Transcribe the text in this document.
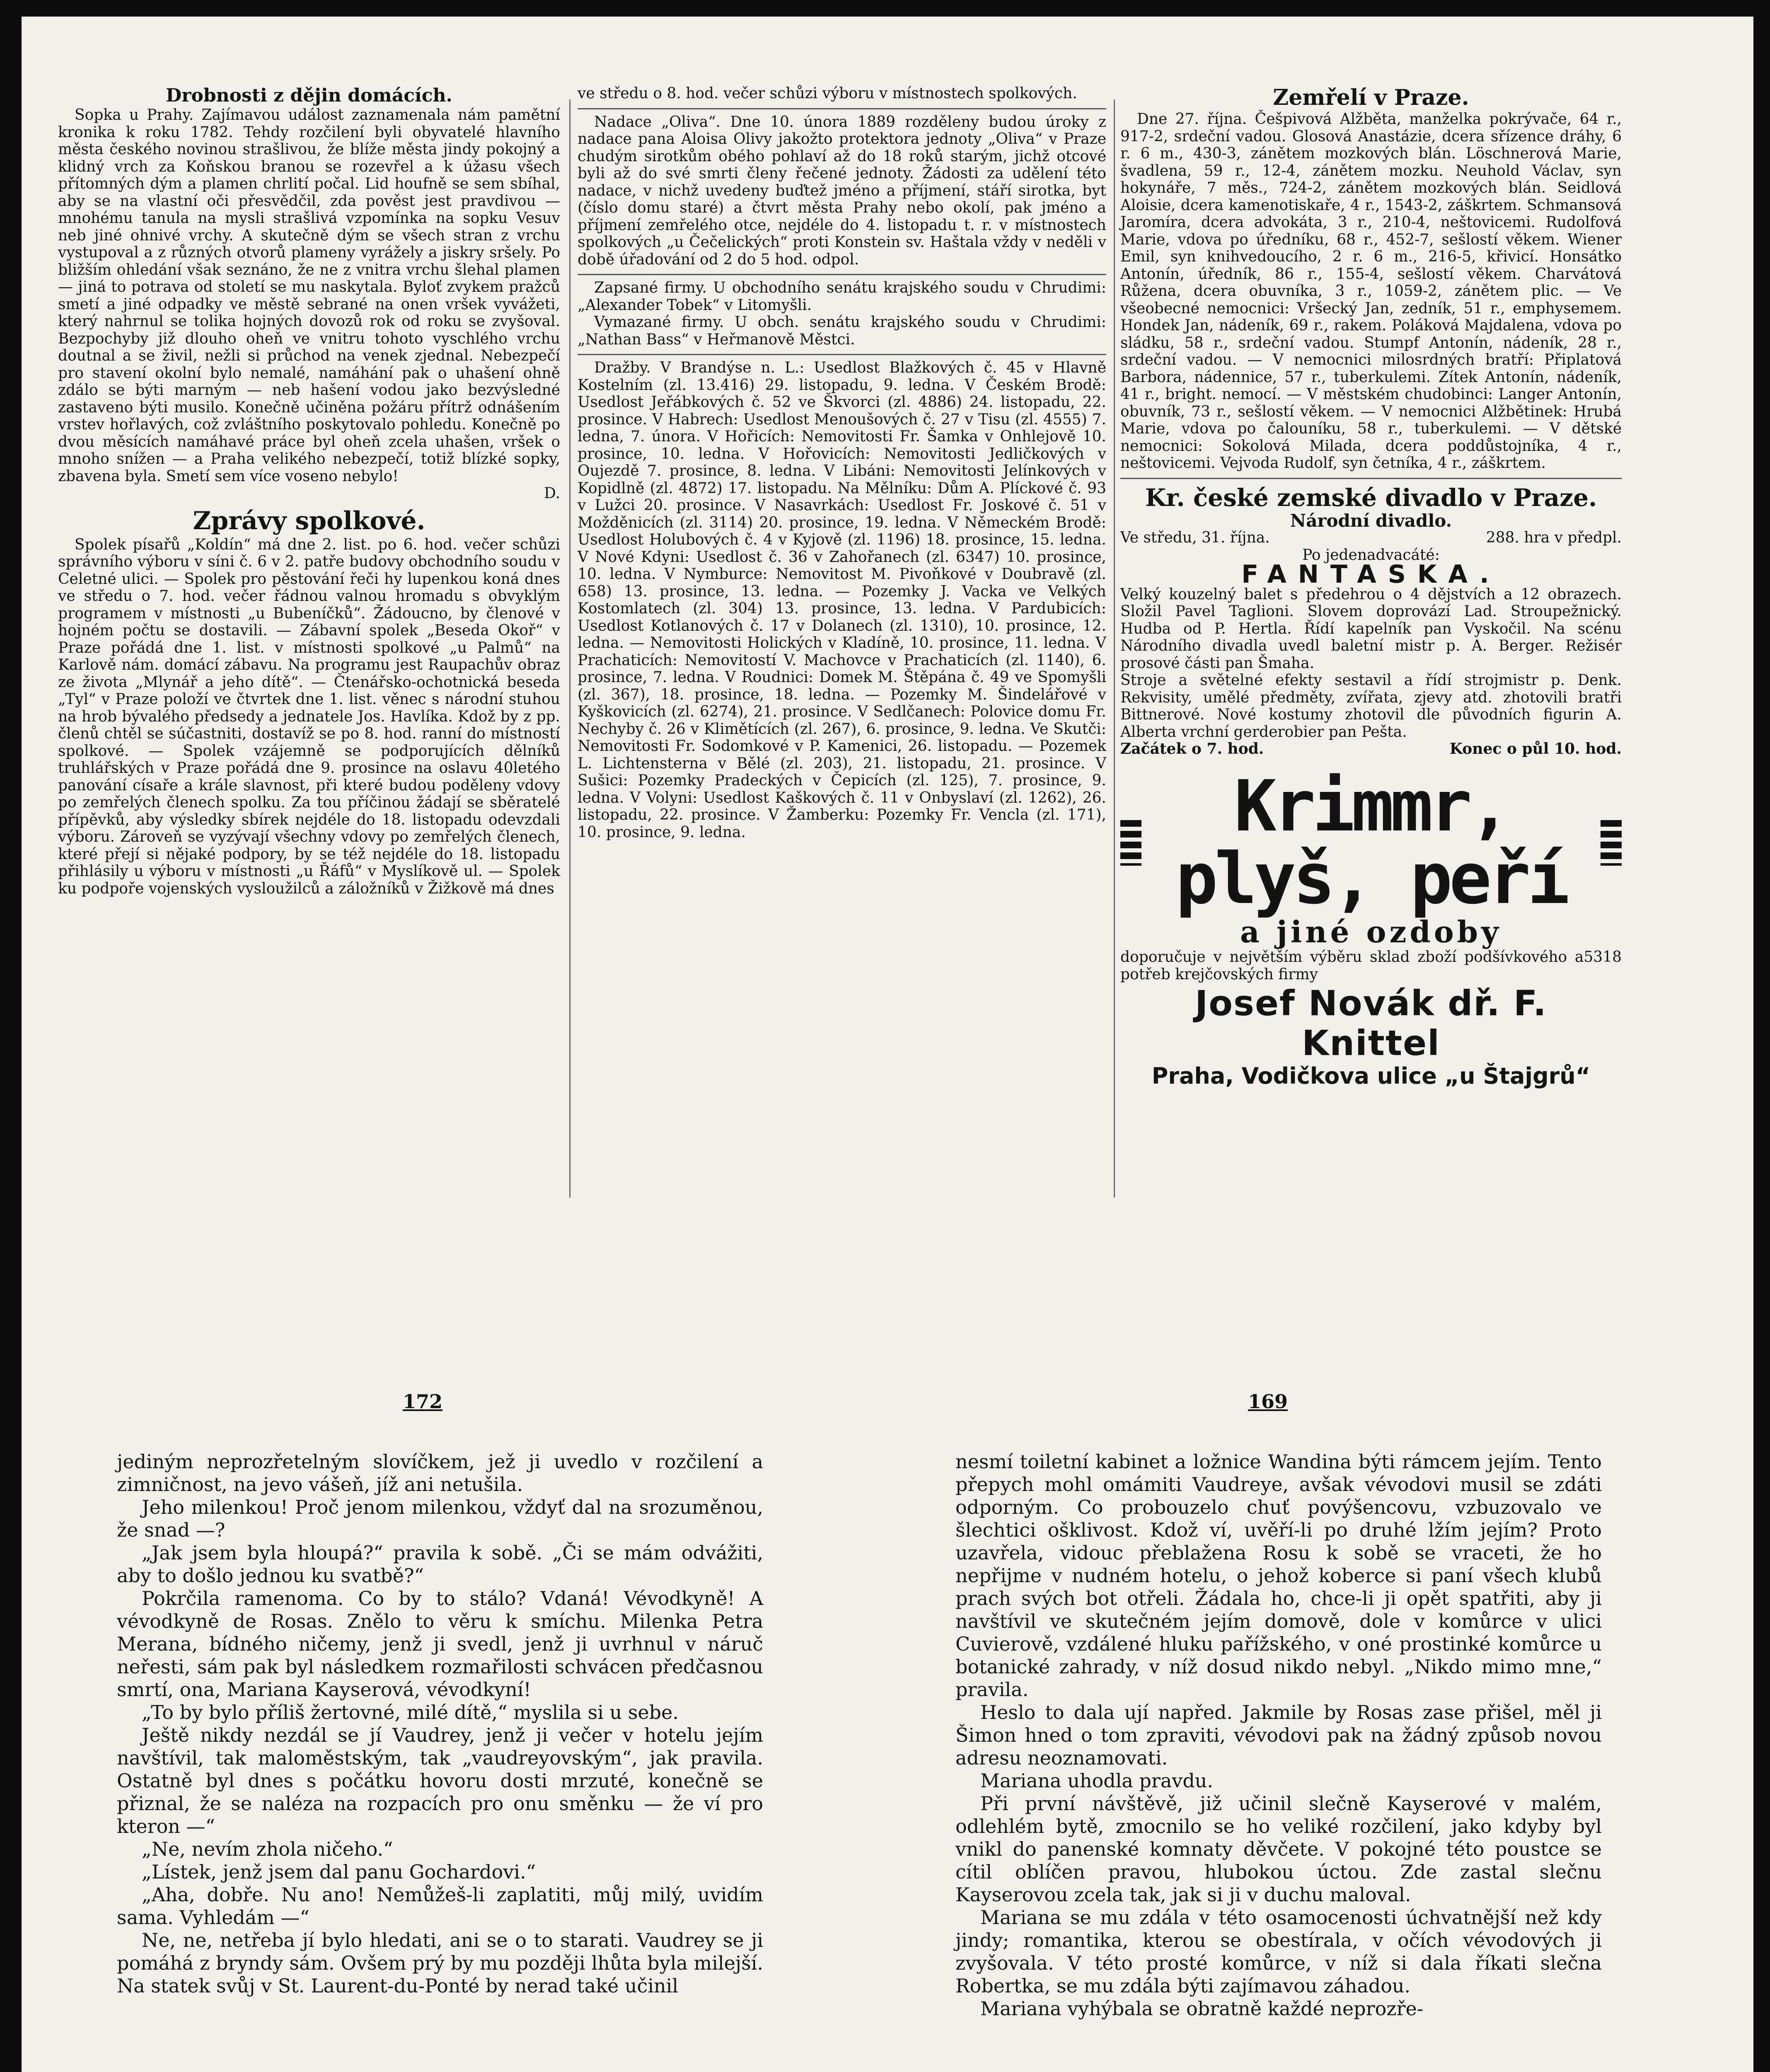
Drobnosti z dějin domácích.

Sopka u Prahy. Zajímavou událost zaznamenala nám pamětní kronika k roku 1782. Tehdy rozčilení byli obyvatelé hlavního města českého novinou strašlivou, že blíže města jindy pokojný a klidný vrch za Koňskou branou se rozevřel a k úžasu všech přítomných dým a plamen chrlití počal. Lid houfně se sem sbíhal, aby se na vlastní oči přesvědčil, zda pověst jest pravdivou — mnohému tanula na mysli strašlivá vzpomínka na sopku Vesuv neb jiné ohnivé vrchy. A skutečně dým se všech stran z vrchu vystupoval a z různých otvorů plameny vyrážely a jiskry sršely. Po bližším ohledání však seznáno, že ne z vnitra vrchu šlehal plamen — jiná to potrava od století se mu naskytala. Byloť zvykem pražců smetí a jiné odpadky ve městě sebrané na onen vršek vyvážeti, který nahrnul se tolika hojných dovozů rok od roku se zvyšoval. Bezpochyby již dlouho oheň ve vnitru tohoto vyschlého vrchu doutnal a se živil, nežli si průchod na venek zjednal. Nebezpečí pro stavení okolní bylo nemalé, namáhání pak o uhašení ohně zdálo se býti marným — neb hašení vodou jako bezvýsledné zastaveno býti musilo. Konečně učiněna požáru přítrž odnášením vrstev hořlavých, což zvláštního poskytovalo pohledu. Konečně po dvou měsících namáhavé práce byl oheň zcela uhašen, vršek o mnoho snížen — a Praha velikého nebezpečí, totiž blízké sopky, zbavena byla. Smetí sem více voseno nebylo!

D.
Zprávy spolkové.

Spolek písařů „Koldín“ má dne 2. list. po 6. hod. večer schůzi správního výboru v síni č. 6 v 2. patře budovy obchodního soudu v Celetné ulici. — Spolek pro pěstování řeči hy lupenkou koná dnes ve středu o 7. hod. večer řádnou valnou hromadu s obvyklým programem v místnosti „u Bubeníčků“. Žádoucno, by členové v hojném počtu se dostavili. — Zábavní spolek „Beseda Okoř“ v Praze pořádá dne 1. list. v místnosti spolkové „u Palmů“ na Karlově nám. domácí zábavu. Na programu jest Raupachův obraz ze života „Mlynář a jeho dítě“. — Čtenářsko-ochotnická beseda „Tyl“ v Praze položí ve čtvrtek dne 1. list. věnec s národní stuhou na hrob bývalého předsedy a jednatele Jos. Havlíka. Kdož by z pp. členů chtěl se súčastniti, dostavíž se po 8. hod. ranní do místností spolkové. — Spolek vzájemně se podporujících dělníků truhlářských v Praze pořádá dne 9. prosince na oslavu 40letého panování císaře a krále slavnost, při které budou poděleny vdovy po zemřelých členech spolku. Za tou příčinou žádají se sběratelé přípěvků, aby výsledky sbírek nejdéle do 18. listopadu odevzdali výboru. Zároveň se vyzývají všechny vdovy po zemřelých členech, které přejí si nějaké podpory, by se též nejdéle do 18. listopadu přihlásily u výboru v místnosti „u Řáfů“ v Myslíkově ul. — Spolek ku podpoře vojenských vysloužilců a záložníků v Žižkově má dnes

ve středu o 8. hod. večer schůzi výboru v místnostech spolkových.

Nadace „Oliva“. Dne 10. února 1889 rozděleny budou úroky z nadace pana Aloisa Olivy jakožto protektora jednoty „Oliva“ v Praze chudým sirotkům obého pohlaví až do 18 roků starým, jichž otcové byli až do své smrti členy řečené jednoty. Žádosti za udělení této nadace, v nichž uvedeny buďtež jméno a příjmení, stáří sirotka, byt (číslo domu staré) a čtvrt města Prahy nebo okolí, pak jméno a příjmení zemřelého otce, nejdéle do 4. listopadu t. r. v místnostech spolkových „u Čečelických“ proti Konstein sv. Haštala vždy v neděli v době úřadování od 2 do 5 hod. odpol.

Zapsané firmy. U obchodního senátu krajského soudu v Chrudimi: „Alexander Tobek“ v Litomyšli.

Vymazané firmy. U obch. senátu krajského soudu v Chrudimi: „Nathan Bass“ v Heřmanově Městci.

Dražby. V Brandýse n. L.: Usedlost Blažkových č. 45 v Hlavně Kostelním (zl. 13.416) 29. listopadu, 9. ledna. V Českém Brodě: Usedlost Jeřábkových č. 52 ve Škvorci (zl. 4886) 24. listopadu, 22. prosince. V Habrech: Usedlost Menoušových č. 27 v Tisu (zl. 4555) 7. ledna, 7. února. V Hořicích: Nemovitosti Fr. Šamka v Onhlejově 10. prosince, 10. ledna. V Hořovicích: Nemovitosti Jedličkových v Oujezdě 7. prosince, 8. ledna. V Libáni: Nemovitosti Jelínkových v Kopidlně (zl. 4872) 17. listopadu. Na Mělníku: Dům A. Plíckové č. 93 v Lužci 20. prosince. V Nasavrkách: Usedlost Fr. Joskové č. 51 v Možděnicích (zl. 3114) 20. prosince, 19. ledna. V Německém Brodě: Usedlost Holubových č. 4 v Kyjově (zl. 1196) 18. prosince, 15. ledna. V Nové Kdyni: Usedlost č. 36 v Zahořanech (zl. 6347) 10. prosince, 10. ledna. V Nymburce: Nemovitost M. Pivoňkové v Doubravě (zl. 658) 13. prosince, 13. ledna. — Pozemky J. Vacka ve Velkých Kostomlatech (zl. 304) 13. prosince, 13. ledna. V Pardubicích: Usedlost Kotlanových č. 17 v Dolanech (zl. 1310), 10. prosince, 12. ledna. — Nemovitosti Holických v Kladíně, 10. prosince, 11. ledna. V Prachaticích: Nemovitostí V. Machovce v Prachaticích (zl. 1140), 6. prosince, 7. ledna. V Roudnici: Domek M. Štěpána č. 49 ve Spomyšli (zl. 367), 18. prosince, 18. ledna. — Pozemky M. Šindelářové v Kyškovicích (zl. 6274), 21. prosince. V Sedlčanech: Polovice domu Fr. Nechyby č. 26 v Klimětících (zl. 267), 6. prosince, 9. ledna. Ve Skutči: Nemovitosti Fr. Sodomkové v P. Kamenici, 26. listopadu. — Pozemek L. Lichtensterna v Bělé (zl. 203), 21. listopadu, 21. prosince. V Sušici: Pozemky Pradeckých v Čepicích (zl. 125), 7. prosince, 9. ledna. V Volyni: Usedlost Kaškových č. 11 v Onbyslaví (zl. 1262), 26. listopadu, 22. prosince. V Žamberku: Pozemky Fr. Vencla (zl. 171), 10. prosince, 9. ledna.

Zemřelí v Praze.

Dne 27. října. Češpivová Alžběta, manželka pokrývače, 64 r., 917-2, srdeční vadou. Glosová Anastázie, dcera sřízence dráhy, 6 r. 6 m., 430-3, zánětem mozkových blán. Löschnerová Marie, švadlena, 59 r., 12-4, zánětem mozku. Neuhold Václav, syn hokynáře, 7 měs., 724-2, zánětem mozkových blán. Seidlová Aloisie, dcera kamenotiskaře, 4 r., 1543-2, záškrtem. Schmansová Jaromíra, dcera advokáta, 3 r., 210-4, neštovicemi. Rudolfová Marie, vdova po úředníku, 68 r., 452-7, sešlostí věkem. Wiener Emil, syn knihvedoucího, 2 r. 6 m., 216-5, křivicí. Honsátko Antonín, úředník, 86 r., 155-4, sešlostí věkem. Charvátová Růžena, dcera obuvníka, 3 r., 1059-2, zánětem plic. — Ve všeobecné nemocnici: Vršecký Jan, zedník, 51 r., emphysemem. Hondek Jan, nádeník, 69 r., rakem. Poláková Majdalena, vdova po sládku, 58 r., srdeční vadou. Stumpf Antonín, nádeník, 28 r., srdeční vadou. — V nemocnici milosrdných bratří: Připlatová Barbora, nádennice, 57 r., tuberkulemi. Zítek Antonín, nádeník, 41 r., bright. nemocí. — V městském chudobinci: Langer Antonín, obuvník, 73 r., sešlostí věkem. — V nemocnici Alžbětinek: Hrubá Marie, vdova po čalouníku, 58 r., tuberkulemi. — V dětské nemocnici: Sokolová Milada, dcera poddůstojníka, 4 r., neštovicemi. Vejvoda Rudolf, syn četníka, 4 r., záškrtem.

Kr. české zemské divadlo v Praze.
Národní divadlo.
Ve středu, 31. října.	288. hra v předpl.
Po jedenadvacáté:
FANTASKA.

Velký kouzelný balet s předehrou o 4 dějstvích a 12 obrazech. Složil Pavel Taglioni. Slovem doprovází Lad. Stroupežnický. Hudba od P. Hertla. Řídí kapelník pan Vyskočil. Na scénu Národního divadla uvedl baletní mistr p. A. Berger. Režisér prosové části pan Šmaha.

Stroje a světelné efekty sestavil a řídí strojmistr p. Denk. Rekvisity, umělé předměty, zvířata, zjevy atd. zhotovili bratři Bittnerové. Nové kostumy zhotovil dle původních figurin A. Alberta vrchní gerderobier pan Pešta.

Začátek o 7. hod.	Konec o půl 10. hod.
Krimmr, plyš, peří
a jiné ozdoby
doporučuje v největším výběru sklad zboží podšívkového a potřeb krejčovských firmy
5318
Josef Novák dř. F. Knittel
Praha, Vodičkova ulice „u Štajgrů“
172	169

jediným neprozřetelným slovíčkem, jež ji uvedlo v rozčilení a zimničnost, na jevo vášeň, jíž ani netušila.

Jeho milenkou! Proč jenom milenkou, vždyť dal na srozuměnou, že snad —?

„Jak jsem byla hloupá?“ pravila k sobě. „Či se mám odvážiti, aby to došlo jednou ku svatbě?“

Pokrčila ramenoma. Co by to stálo? Vdaná! Vévodkyně! A vévodkyně de Rosas. Znělo to věru k smíchu. Milenka Petra Merana, bídného ničemy, jenž ji svedl, jenž ji uvrhnul v náruč neřesti, sám pak byl následkem rozmařilosti schvácen předčasnou smrtí, ona, Mariana Kayserová, vévodkyní!

„To by bylo příliš žertovné, milé dítě,“ myslila si u sebe.

Ještě nikdy nezdál se jí Vaudrey, jenž ji večer v hotelu jejím navštívil, tak maloměstským, tak „vaudreyovským“, jak pravila. Ostatně byl dnes s počátku hovoru dosti mrzuté, konečně se přiznal, že se naléza na rozpacích pro onu směnku — že ví pro kteron —“

„Ne, nevím zhola ničeho.“

„Lístek, jenž jsem dal panu Gochardovi.“

„Aha, dobře. Nu ano! Nemůžeš-li zaplatiti, můj milý, uvidím sama. Vyhledám —“

Ne, ne, netřeba jí bylo hledati, ani se o to starati. Vaudrey se ji pomáhá z bryndy sám. Ovšem prý by mu později lhůta byla milejší. Na statek svůj v St. Laurent-du-Ponté by nerad také učinil

nesmí toiletní kabinet a ložnice Wandina býti rámcem jejím. Tento přepych mohl omámiti Vaudreye, avšak vévodovi musil se zdáti odporným. Co probouzelo chuť povýšencovu, vzbuzovalo ve šlechtici ošklivost. Kdož ví, uvěří-li po druhé lžím jejím? Proto uzavřela, vidouc přeblažena Rosu k sobě se vraceti, že ho nepřijme v nudném hotelu, o jehož koberce si paní všech klubů prach svých bot otřeli. Žádala ho, chce-li ji opět spatřiti, aby ji navštívil ve skutečném jejím domově, dole v komůrce v ulici Cuvierově, vzdálené hluku pařížského, v oné prostinké komůrce u botanické zahrady, v níž dosud nikdo nebyl. „Nikdo mimo mne,“ pravila.

Heslo to dala ují napřed. Jakmile by Rosas zase přišel, měl ji Šimon hned o tom zpraviti, vévodovi pak na žádný způsob novou adresu neoznamovati.

Mariana uhodla pravdu.

Při první návštěvě, již učinil slečně Kayserové v malém, odlehlém bytě, zmocnilo se ho veliké rozčilení, jako kdyby byl vnikl do panenské komnaty děvčete. V pokojné této poustce se cítil oblíčen pravou, hlubokou úctou. Zde zastal slečnu Kayserovou zcela tak, jak si ji v duchu maloval.

Mariana se mu zdála v této osamocenosti úchvatnější než kdy jindy; romantika, kterou se obestírala, v očích vévodových ji zvyšovala. V této prosté komůrce, v níž si dala říkati slečna Robertka, se mu zdála býti zajímavou záhadou.

Mariana vyhýbala se obratně každé neprozře-
